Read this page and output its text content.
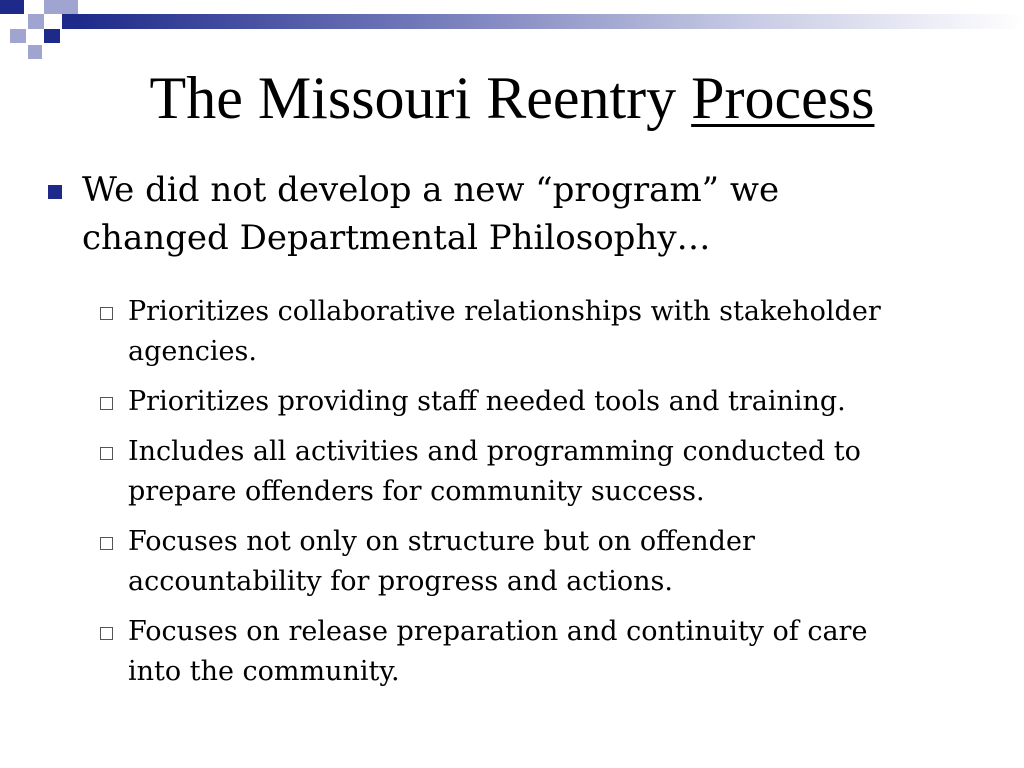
The Missouri Reentry Process
We did not develop a new “program” we
changed Departmental Philosophy…
Prioritizes collaborative relationships with stakeholder
agencies.
Prioritizes providing staff needed tools and training.
Includes all activities and programming conducted to
prepare offenders for community success.
Focuses not only on structure but on offender
accountability for progress and actions.
Focuses on release preparation and continuity of care
into the community.
